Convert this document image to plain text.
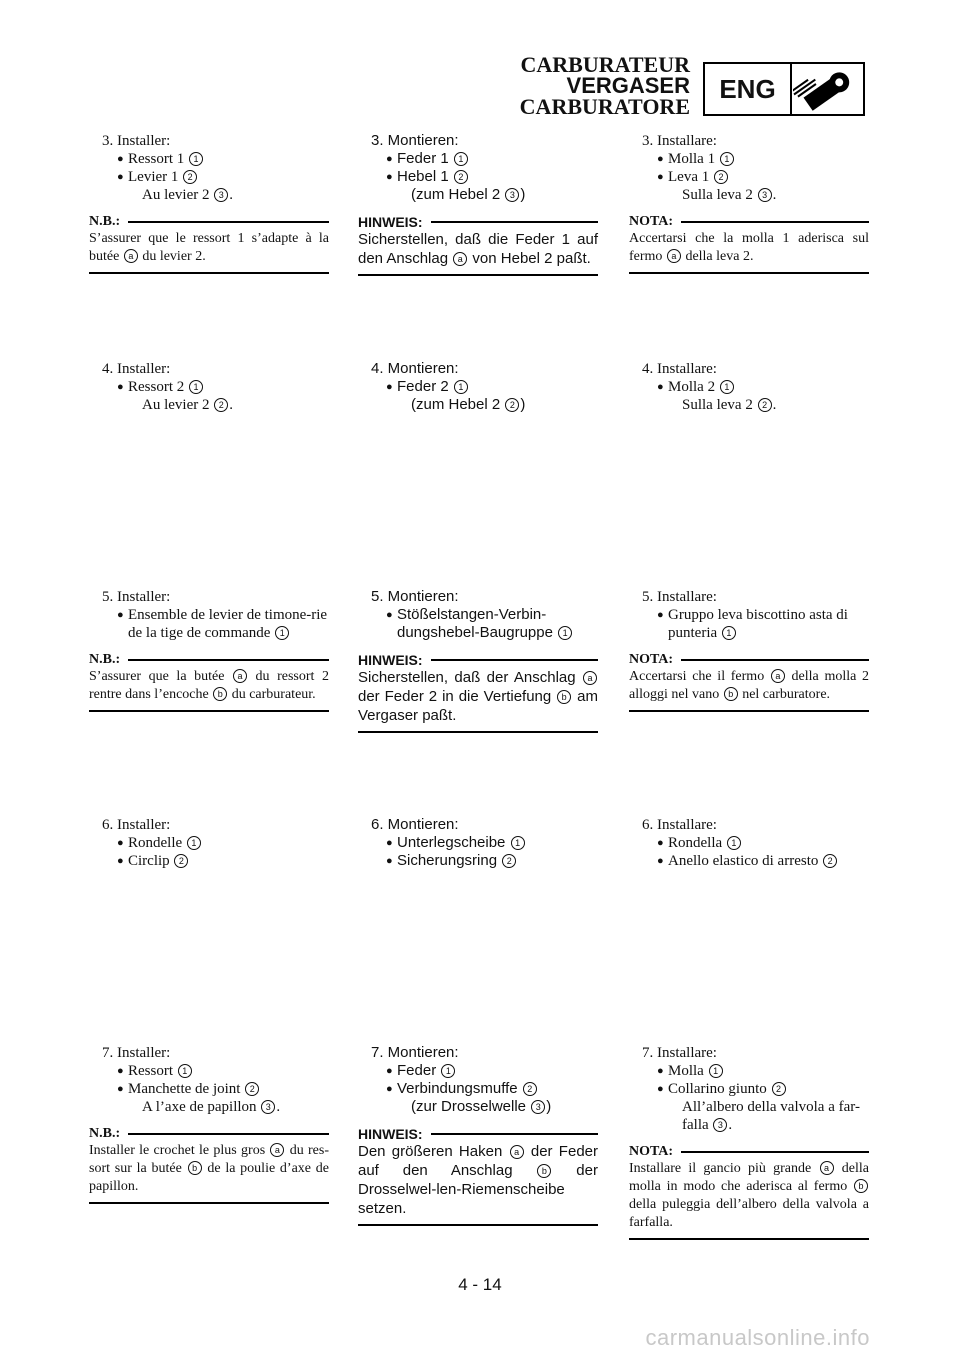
CARBURATEUR
VERGASER
CARBURATORE
ENG
3. Installer:
● Ressort 1 1
● Levier 1 2
Au levier 2 3 .
N.B.:
S’assurer que le ressort 1 s’adapte à la butée a du levier 2.
4. Installer:
● Ressort 2 1
Au levier 2 2 .
5. Installer:
● Ensemble de levier de timone-rie de la tige de commande 1
N.B.:
S’assurer que la butée a du ressort 2 rentre dans l’encoche b du carburateur.
6. Installer:
● Rondelle 1
● Circlip 2
7. Installer:
● Ressort 1
● Manchette de joint 2
A l’axe de papillon 3 .
N.B.:
Installer le crochet le plus gros a du res-sort sur la butée b de la poulie d’axe de papillon.
3. Montieren:
● Feder 1 1
● Hebel 1 2
(zum Hebel 2 3 )
HINWEIS:
Sicherstellen, daß die Feder 1 auf den Anschlag a von Hebel 2 paßt.
4. Montieren:
● Feder 2 1
(zum Hebel 2 2 )
5. Montieren:
● Stößelstangen-Verbin-dungshebel-Baugruppe 1
HINWEIS:
Sicherstellen, daß der Anschlag a der Feder 2 in die Vertiefung b am Vergaser paßt.
6. Montieren:
● Unterlegscheibe 1
● Sicherungsring 2
7. Montieren:
● Feder 1
● Verbindungsmuffe 2
(zur Drosselwelle 3 )
HINWEIS:
Den größeren Haken a der Feder auf den Anschlag b der Drosselwel-len-Riemenscheibe setzen.
3. Installare:
● Molla 1 1
● Leva 1 2
Sulla leva 2 3 .
NOTA:
Accertarsi che la molla 1 aderisca sul fermo a della leva 2.
4. Installare:
● Molla 2 1
Sulla leva 2 2 .
5. Installare:
● Gruppo leva biscottino asta di punteria 1
NOTA:
Accertarsi che il fermo a della molla 2 alloggi nel vano b nel carburatore.
6. Installare:
● Rondella 1
● Anello elastico di arresto 2
7. Installare:
● Molla 1
● Collarino giunto 2
All’albero della valvola a far-falla 3 .
NOTA:
Installare il gancio più grande a della molla in modo che aderisca al fermo b della puleggia dell’albero della valvola a farfalla.
4 - 14
carmanualsonline.info
